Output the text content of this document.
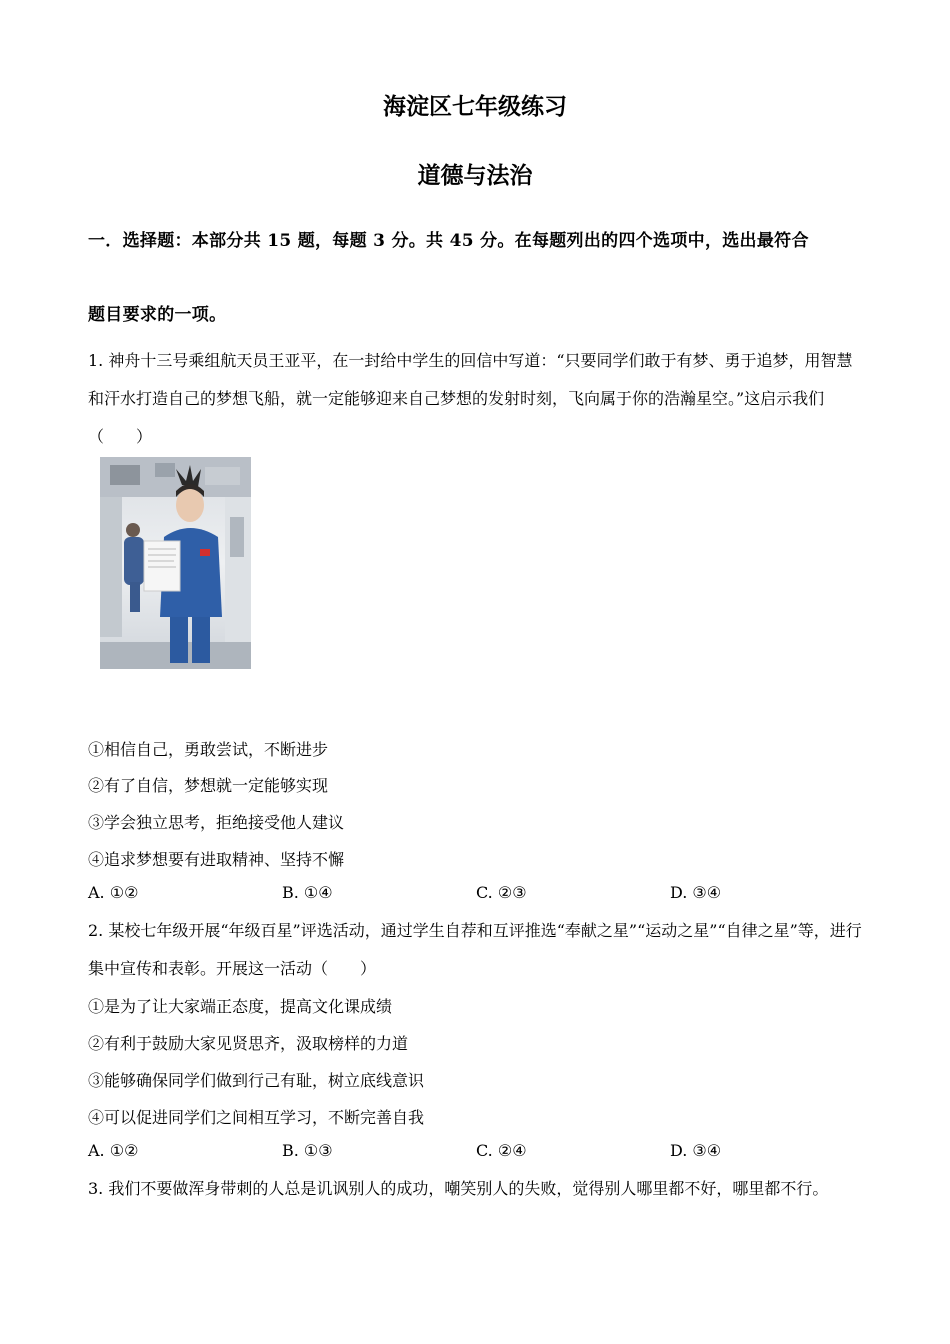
海淀区七年级练习
道德与法治
一．选择题：本部分共 15 题，每题 3 分。共 45 分。在每题列出的四个选项中，选出最符合
题目要求的一项。
1. 神舟十三号乘组航天员王亚平，在一封给中学生的回信中写道：“只要同学们敢于有梦、勇于追梦，用智慧和汗水打造自己的梦想飞船，就一定能够迎来自己梦想的发射时刻，飞向属于你的浩瀚星空。”这启示我们（　　）
①相信自己，勇敢尝试，不断进步
②有了自信，梦想就一定能够实现
③学会独立思考，拒绝接受他人建议
④追求梦想要有进取精神、坚持不懈
A. ①②	B. ①④	C. ②③	D. ③④
2. 某校七年级开展“年级百星”评选活动，通过学生自荐和互评推选“奉献之星”“运动之星”“自律之星”等，进行集中宣传和表彰。开展这一活动（　　）
①是为了让大家端正态度，提高文化课成绩
②有利于鼓励大家见贤思齐，汲取榜样的力道
③能够确保同学们做到行己有耻，树立底线意识
④可以促进同学们之间相互学习，不断完善自我
A. ①②	B. ①③	C. ②④	D. ③④
3. 我们不要做浑身带刺的人总是讥讽别人的成功，嘲笑别人的失败，觉得别人哪里都不好，哪里都不行。
